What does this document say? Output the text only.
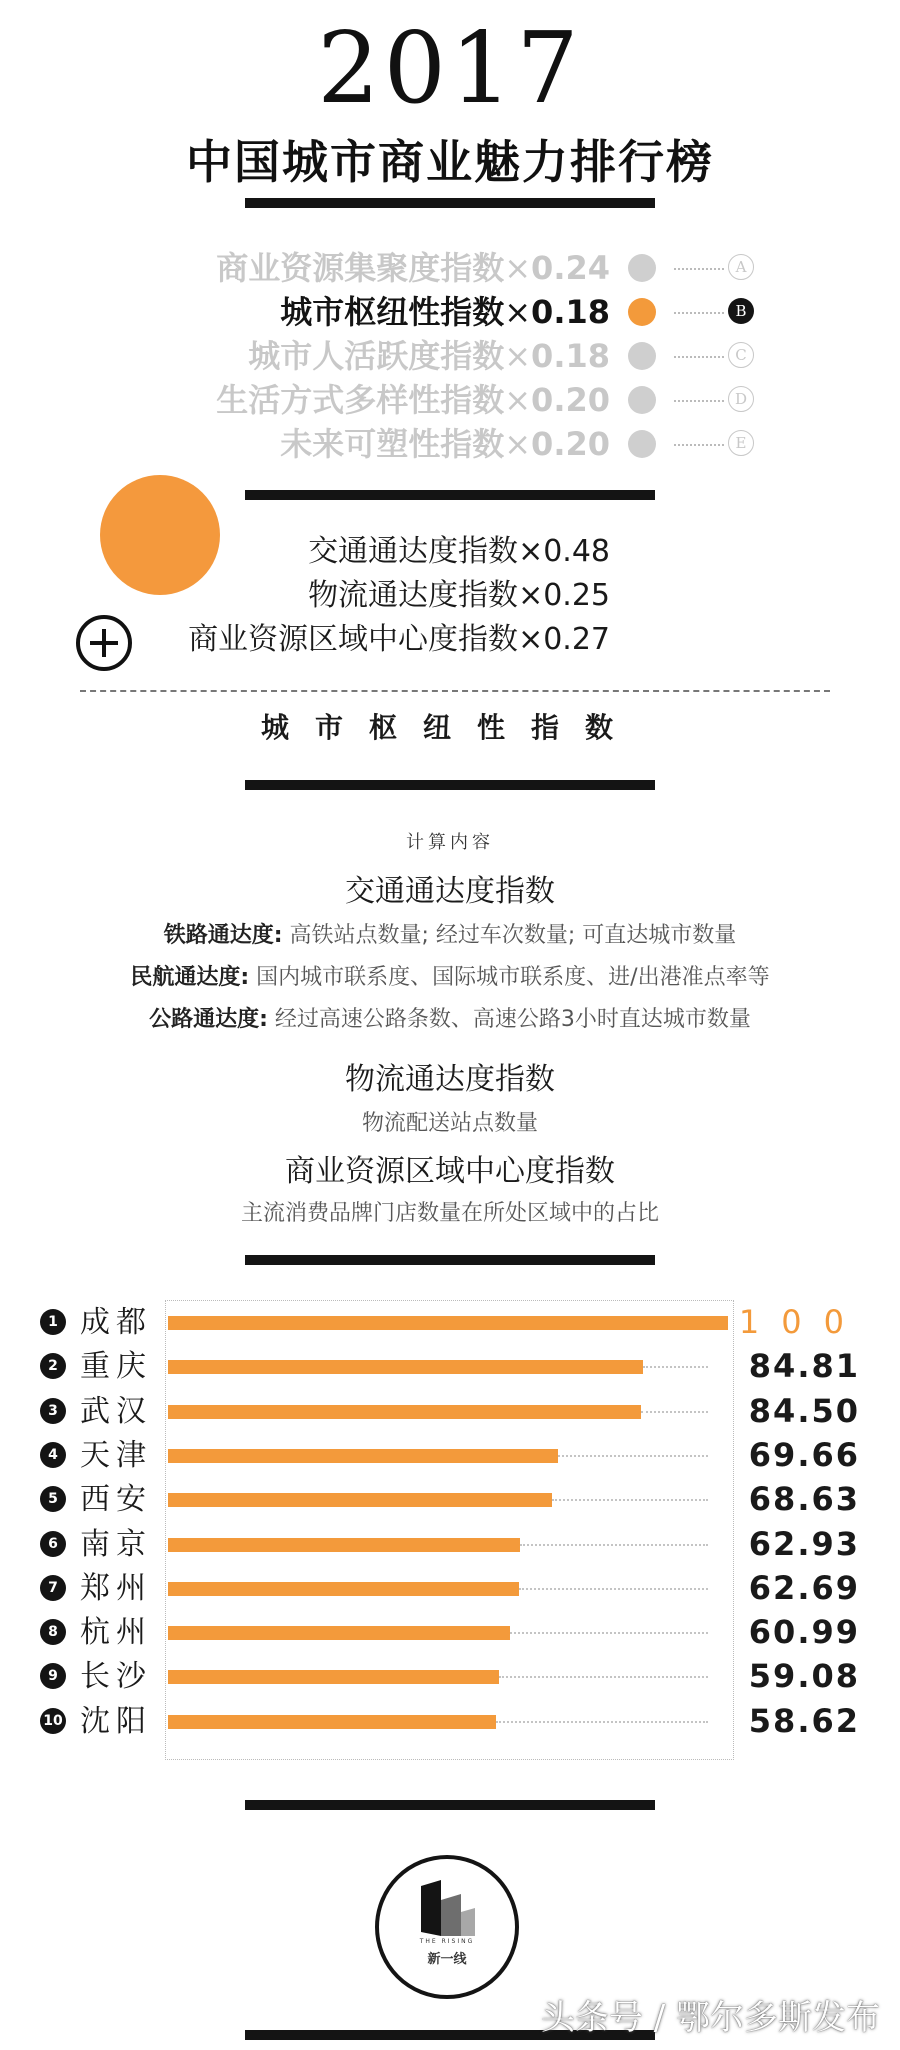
2017
中国城市商业魅力排行榜
商业资源集聚度指数×0.24	A
城市枢纽性指数×0.18	B
城市人活跃度指数×0.18	C
生活方式多样性指数×0.20	D
未来可塑性指数×0.20	E
交通通达度指数×0.48
物流通达度指数×0.25
商业资源区域中心度指数×0.27
城市枢纽性指数
计算内容
交通通达度指数
铁路通达度: 高铁站点数量; 经过车次数量; 可直达城市数量
民航通达度: 国内城市联系度、国际城市联系度、进/出港准点率等
公路通达度: 经过高速公路条数、高速公路3小时直达城市数量
物流通达度指数
物流配送站点数量
商业资源区域中心度指数
主流消费品牌门店数量在所处区域中的占比
1 成都	100
2 重庆	84.81
3 武汉	84.50
4 天津	69.66
5 西安	68.63
6 南京	62.93
7 郑州	62.69
8 杭州	60.99
9 长沙	59.08
10 沈阳	58.62
THE RISING
新一线
头条号 / 鄂尔多斯发布
